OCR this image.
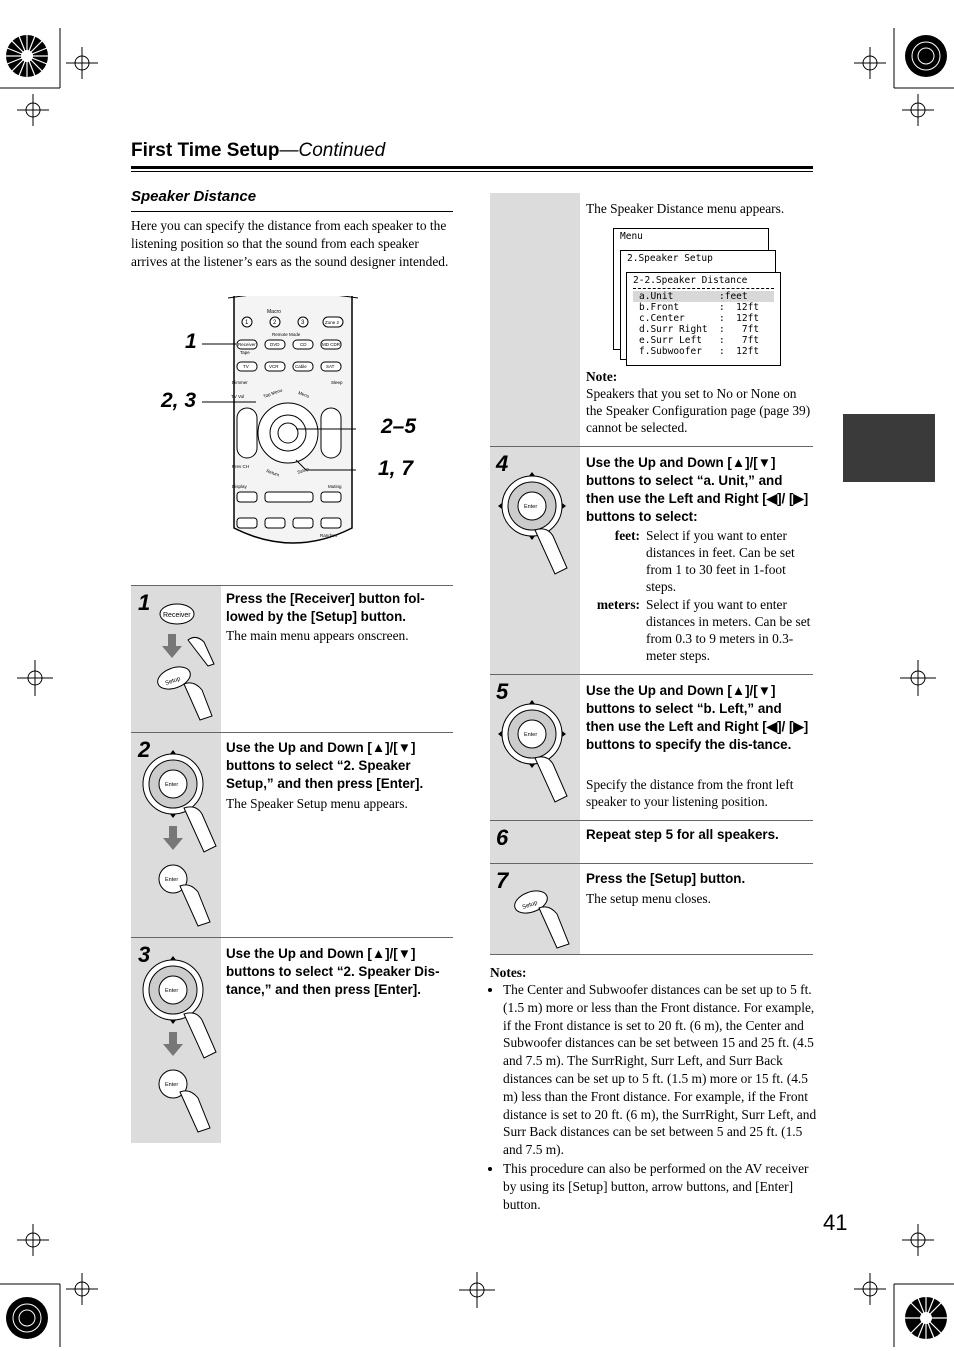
First Time Setup—Continued
Speaker Distance
Here you can specify the distance from each speaker to the listening position so that the sound from each speaker arrives at the listener’s ears as the sound designer intended.
Macro
1	2	3	Zone 2
Remote Mode
Receiver	DVD	CD	MD CDR
Tape
TV	VCR	Cable	SAT
Dimmer	Sleep
TV Vol	Top Menu	Menu
Prev CH
Return	Setup
Display	Muting
Random
1
2, 3
2–5
1, 7
1	Press the [Receiver] button fol-lowed by the [Setup] button.
The main menu appears onscreen.
Receiver
Setup
2	Use the Up and Down [▲]/[▼] buttons to select “2. Speaker Setup,” and then press [Enter].
The Speaker Setup menu appears.
Enter
Enter
3	Use the Up and Down [▲]/[▼] buttons to select “2. Speaker Dis-tance,” and then press [Enter].
Enter
Enter
The Speaker Distance menu appears.
Menu
2.Speaker Setup
2-2.Speaker Distance
a.Unit	:feet
b.Front	:  12ft
c.Center	:  12ft
d.Surr Right	:   7ft
e.Surr Left	:   7ft
f.Subwoofer	:  12ft
Note:
Speakers that you set to No or None on the Speaker Configuration page (page 39) cannot be selected.
4	Use the Up and Down [▲]/[▼] buttons to select “a. Unit,” and then use the Left and Right [◀]/ [▶] buttons to select:
feet: Select if you want to enter distances in feet. Can be set from 1 to 30 feet in 1-foot steps.
meters: Select if you want to enter distances in meters. Can be set from 0.3 to 9 meters in 0.3-meter steps.
Enter
5	Use the Up and Down [▲]/[▼] buttons to select “b. Left,” and then use the Left and Right [◀]/ [▶] buttons to specify the dis-tance.
Specify the distance from the front left speaker to your listening position.
Enter
6	Repeat step 5 for all speakers.
7	Press the [Setup] button.
The setup menu closes.
Setup
Notes:
• The Center and Subwoofer distances can be set up to 5 ft. (1.5 m) more or less than the Front distance. For example, if the Front distance is set to 20 ft. (6 m), the Center and Subwoofer distances can be set between 15 and 25 ft. (4.5 and 7.5 m). The SurrRight, Surr Left, and Surr Back distances can be set up to 5 ft. (1.5 m) more or 15 ft. (4.5 m) less than the Front distance. For example, if the Front distance is set to 20 ft. (6 m), the SurrRight, Surr Left, and Surr Back distances can be set between 5 and 25 ft. (1.5 and 7.5 m).
• This procedure can also be performed on the AV receiver by using its [Setup] button, arrow buttons, and [Enter] button.
41
